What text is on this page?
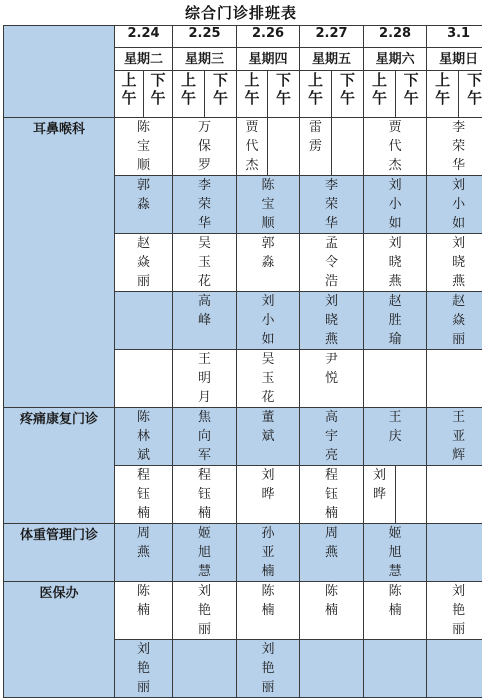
综合门诊排班表
	2.24		2.25		2.26		2.27		2.28		3.1	
	星期二		星期三		星期四		星期五		星期六		星期日	

	上
午	下
午	上
午	下
午	上
午	下
午	上
午	下
午	上
午	下
午	上
午	下
午

耳鼻喉科	陈
宝
顺		万
保
罗		贾
代
杰		雷
雳		贾
代
杰		李
荣
华	

	郭
淼		李
荣
华		陈
宝
顺		李
荣
华		刘
小
如		刘
小
如	

	赵
焱
丽		吴
玉
花		郭
淼		孟
令
浩		刘
晓
燕		刘
晓
燕	

			高
峰		刘
小
如		刘
晓
燕		赵
胜
瑜		赵
焱
丽	

			王
明
月		吴
玉
花		尹
悦					

疼痛康复门诊	陈
林
斌		焦
向
军		董
斌		高
宇
亮		王
庆		王
亚
辉	

	程
钰
楠		程
钰
楠		刘
晔		程
钰
楠		刘
晔			

体重管理门诊	周
燕		姬
旭
慧		孙
亚
楠		周
燕		姬
旭
慧			

医保办	陈
楠		刘
艳
丽		陈
楠		陈
楠		陈
楠		刘
艳
丽	

	刘
艳
丽				刘
艳
丽							
